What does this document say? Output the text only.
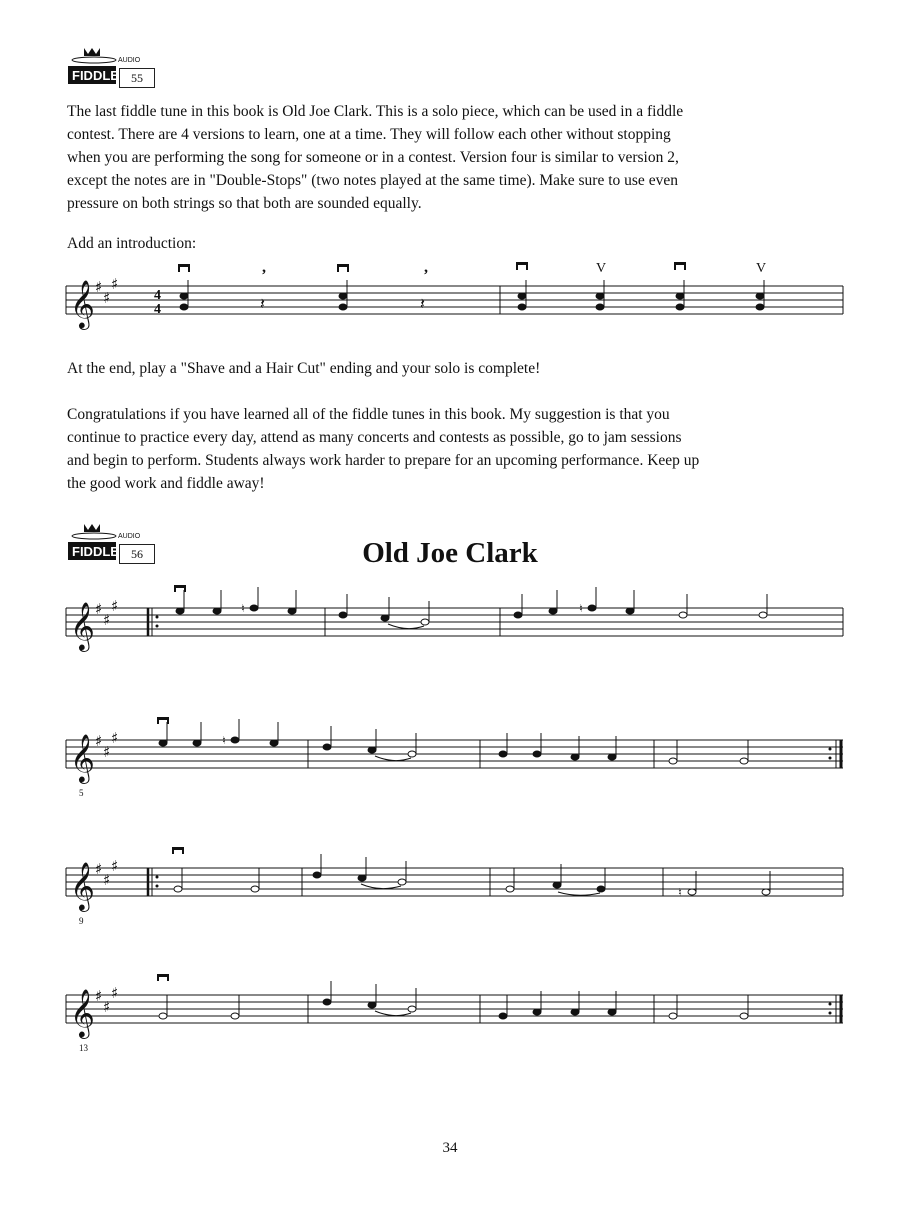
FIDDLE
AUDIO
55

The last fiddle tune in this book is Old Joe Clark. This is a solo piece, which can be used in a fiddle
contest. There are 4 versions to learn, one at a time. They will follow each other without stopping
when you are performing the song for someone or in a contest. Version four is similar to version 2,
except the notes are in "Double-Stops" (two notes played at the same time). Make sure to use even
pressure on both strings so that both are sounded equally.

Add an introduction:

𝄞 ♯
♯
♯
4
4	𝄽	𝄽
V	V
,	,

At the end, play a "Shave and a Hair Cut" ending and your solo is complete!

Congratulations if you have learned all of the fiddle tunes in this book. My suggestion is that you
continue to practice every day, attend as many concerts and contests as possible, go to jam sessions
and begin to perform. Students always work harder to prepare for an upcoming performance. Keep up
the good work and fiddle away!

FIDDLE
AUDIO
56	Old Joe Clark
𝄞 ♯
♯
♯	♮	♮
𝄞 ♯
♯
♯
5
♮
𝄞 ♯
♯
♯
9
♮
𝄞 ♯
♯
♯
13
34
